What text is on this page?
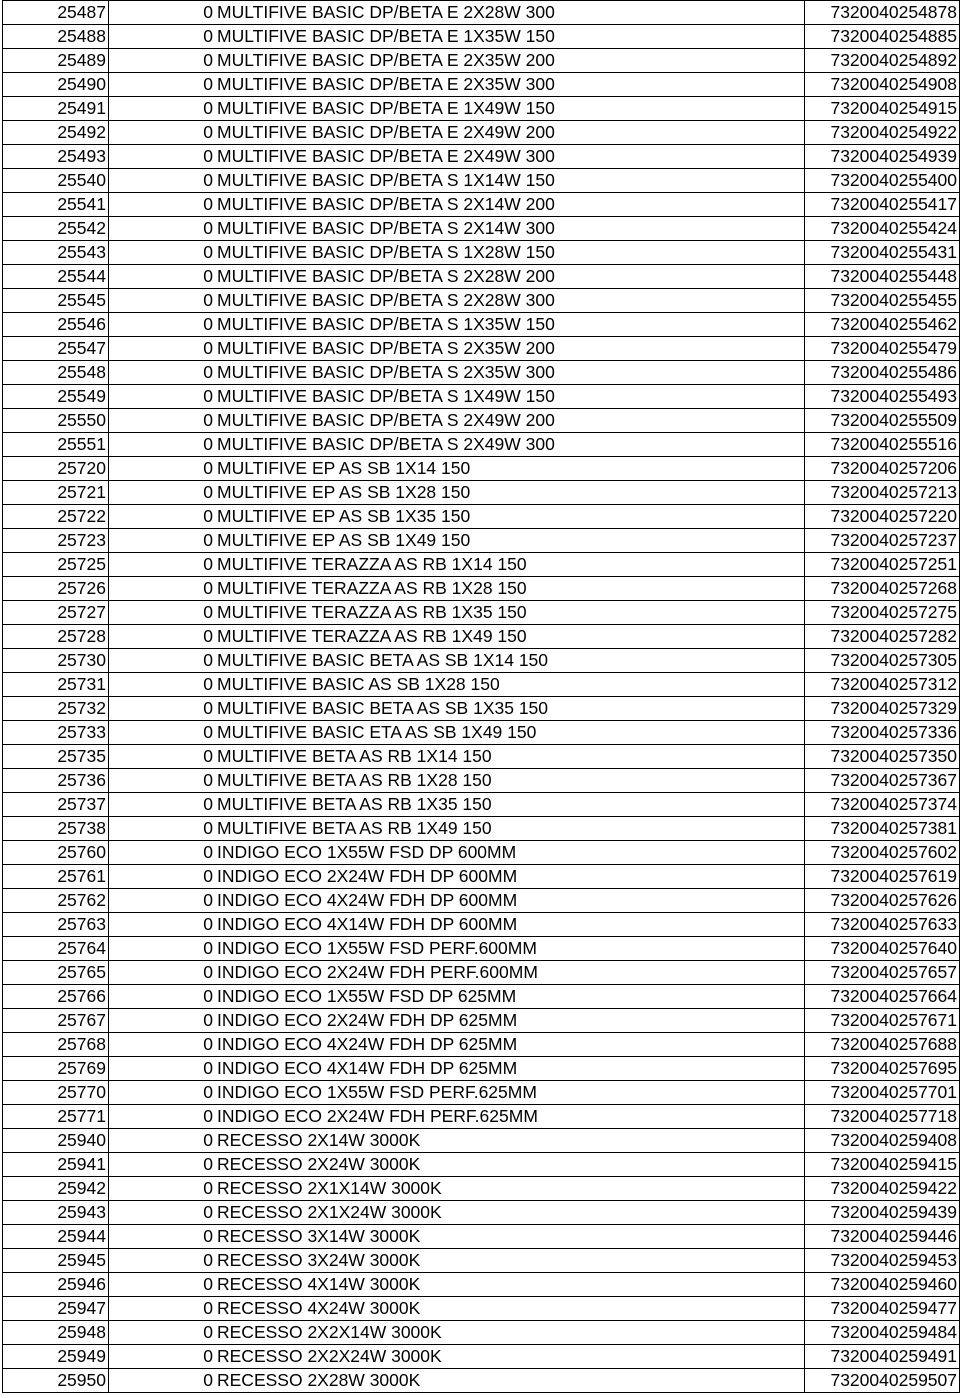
25487	0	MULTIFIVE BASIC DP/BETA E 2X28W 300	7320040254878
25488	0	MULTIFIVE BASIC DP/BETA E 1X35W 150	7320040254885
25489	0	MULTIFIVE BASIC DP/BETA E 2X35W 200	7320040254892
25490	0	MULTIFIVE BASIC DP/BETA E 2X35W 300	7320040254908
25491	0	MULTIFIVE BASIC DP/BETA E 1X49W 150	7320040254915
25492	0	MULTIFIVE BASIC DP/BETA E 2X49W 200	7320040254922
25493	0	MULTIFIVE BASIC DP/BETA E 2X49W 300	7320040254939
25540	0	MULTIFIVE BASIC DP/BETA S 1X14W 150	7320040255400
25541	0	MULTIFIVE BASIC DP/BETA S 2X14W 200	7320040255417
25542	0	MULTIFIVE BASIC DP/BETA S 2X14W 300	7320040255424
25543	0	MULTIFIVE BASIC DP/BETA S 1X28W 150	7320040255431
25544	0	MULTIFIVE BASIC DP/BETA S 2X28W 200	7320040255448
25545	0	MULTIFIVE BASIC DP/BETA S 2X28W 300	7320040255455
25546	0	MULTIFIVE BASIC DP/BETA S 1X35W 150	7320040255462
25547	0	MULTIFIVE BASIC DP/BETA S 2X35W 200	7320040255479
25548	0	MULTIFIVE BASIC DP/BETA S 2X35W 300	7320040255486
25549	0	MULTIFIVE BASIC DP/BETA S 1X49W 150	7320040255493
25550	0	MULTIFIVE BASIC DP/BETA S 2X49W 200	7320040255509
25551	0	MULTIFIVE BASIC DP/BETA S 2X49W 300	7320040255516
25720	0	MULTIFIVE EP AS SB 1X14 150	7320040257206
25721	0	MULTIFIVE EP AS SB 1X28 150	7320040257213
25722	0	MULTIFIVE EP AS SB 1X35 150	7320040257220
25723	0	MULTIFIVE EP AS SB 1X49 150	7320040257237
25725	0	MULTIFIVE TERAZZA AS RB 1X14 150	7320040257251
25726	0	MULTIFIVE TERAZZA AS RB 1X28 150	7320040257268
25727	0	MULTIFIVE TERAZZA AS RB 1X35 150	7320040257275
25728	0	MULTIFIVE TERAZZA AS RB 1X49 150	7320040257282
25730	0	MULTIFIVE BASIC BETA AS SB 1X14 150	7320040257305
25731	0	MULTIFIVE BASIC AS SB 1X28 150	7320040257312
25732	0	MULTIFIVE BASIC BETA AS SB 1X35 150	7320040257329
25733	0	MULTIFIVE BASIC ETA AS SB 1X49 150	7320040257336
25735	0	MULTIFIVE BETA AS RB 1X14 150	7320040257350
25736	0	MULTIFIVE BETA AS RB 1X28 150	7320040257367
25737	0	MULTIFIVE BETA AS RB 1X35 150	7320040257374
25738	0	MULTIFIVE BETA AS RB 1X49 150	7320040257381
25760	0	INDIGO ECO 1X55W FSD DP 600MM	7320040257602
25761	0	INDIGO ECO 2X24W FDH DP 600MM	7320040257619
25762	0	INDIGO ECO 4X24W FDH DP 600MM	7320040257626
25763	0	INDIGO ECO 4X14W FDH DP 600MM	7320040257633
25764	0	INDIGO ECO 1X55W FSD PERF.600MM	7320040257640
25765	0	INDIGO ECO 2X24W FDH PERF.600MM	7320040257657
25766	0	INDIGO ECO 1X55W FSD DP 625MM	7320040257664
25767	0	INDIGO ECO 2X24W FDH DP 625MM	7320040257671
25768	0	INDIGO ECO 4X24W FDH DP 625MM	7320040257688
25769	0	INDIGO ECO 4X14W FDH DP 625MM	7320040257695
25770	0	INDIGO ECO 1X55W FSD PERF.625MM	7320040257701
25771	0	INDIGO ECO 2X24W FDH PERF.625MM	7320040257718
25940	0	RECESSO 2X14W 3000K	7320040259408
25941	0	RECESSO 2X24W 3000K	7320040259415
25942	0	RECESSO 2X1X14W 3000K	7320040259422
25943	0	RECESSO 2X1X24W 3000K	7320040259439
25944	0	RECESSO 3X14W 3000K	7320040259446
25945	0	RECESSO 3X24W 3000K	7320040259453
25946	0	RECESSO 4X14W 3000K	7320040259460
25947	0	RECESSO 4X24W 3000K	7320040259477
25948	0	RECESSO 2X2X14W 3000K	7320040259484
25949	0	RECESSO 2X2X24W 3000K	7320040259491
25950	0	RECESSO 2X28W 3000K	7320040259507
